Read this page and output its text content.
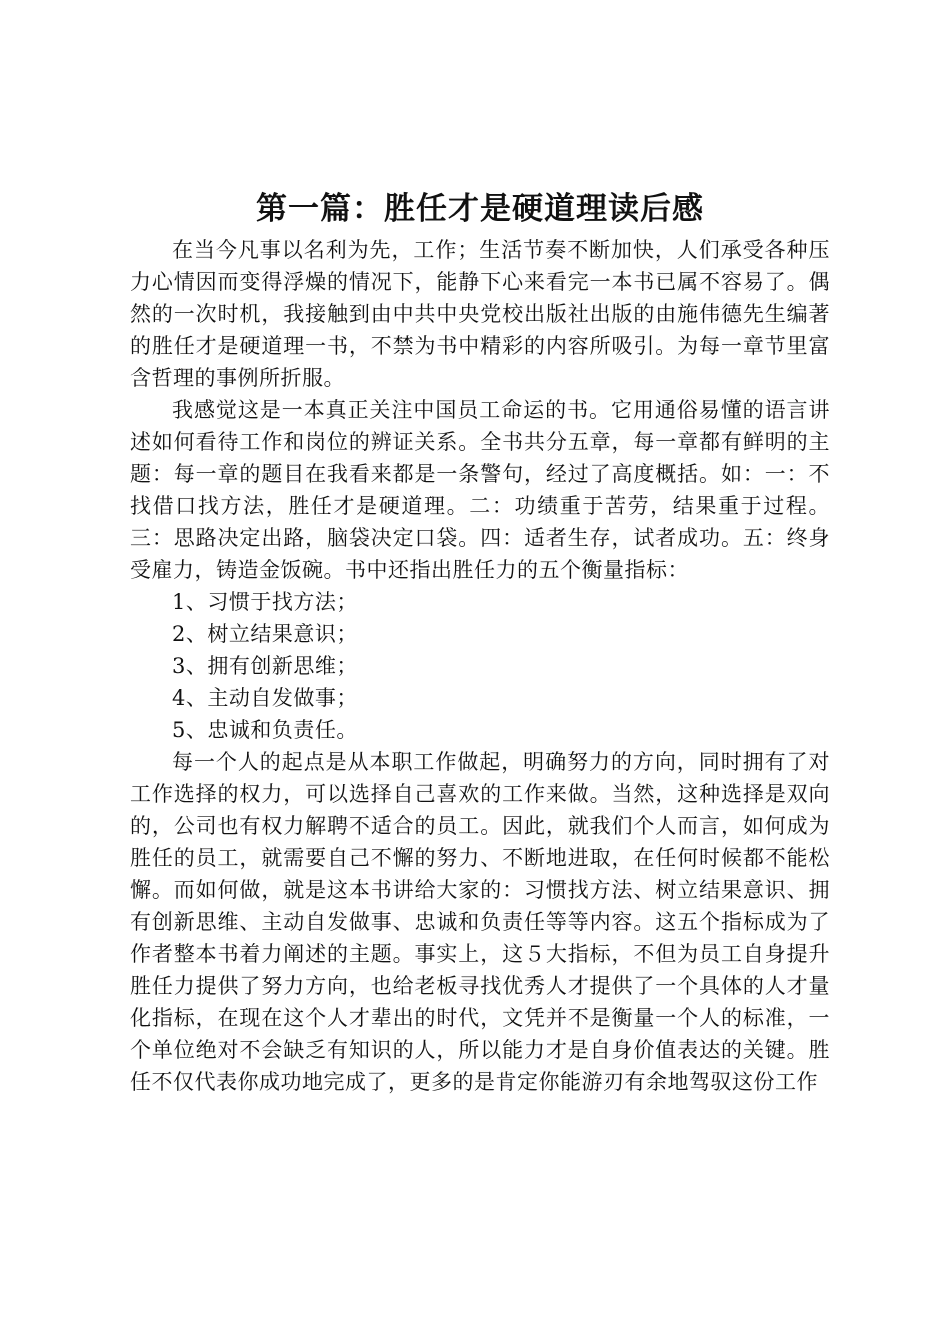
第一篇：胜任才是硬道理读后感

在当今凡事以名利为先，工作；生活节奏不断加快，人们承受各种压力心情因而变得浮燥的情况下，能静下心来看完一本书已属不容易了。偶然的一次时机，我接触到由中共中央党校出版社出版的由施伟德先生编著的胜任才是硬道理一书，不禁为书中精彩的内容所吸引。为每一章节里富含哲理的事例所折服。

我感觉这是一本真正关注中国员工命运的书。它用通俗易懂的语言讲述如何看待工作和岗位的辨证关系。全书共分五章，每一章都有鲜明的主题：每一章的题目在我看来都是一条警句，经过了高度概括。如：一：不找借口找方法，胜任才是硬道理。二：功绩重于苦劳，结果重于过程。三：思路决定出路，脑袋决定口袋。四：适者生存，试者成功。五：终身受雇力，铸造金饭碗。书中还指出胜任力的五个衡量指标：

1、习惯于找方法；

2、树立结果意识；

3、拥有创新思维；

4、主动自发做事；

5、忠诚和负责任。

每一个人的起点是从本职工作做起，明确努力的方向，同时拥有了对工作选择的权力，可以选择自己喜欢的工作来做。当然，这种选择是双向的，公司也有权力解聘不适合的员工。因此，就我们个人而言，如何成为胜任的员工，就需要自己不懈的努力、不断地进取，在任何时候都不能松懈。而如何做，就是这本书讲给大家的：习惯找方法、树立结果意识、拥有创新思维、主动自发做事、忠诚和负责任等等内容。这五个指标成为了作者整本书着力阐述的主题。事实上，这５大指标，不但为员工自身提升胜任力提供了努力方向，也给老板寻找优秀人才提供了一个具体的人才量化指标，在现在这个人才辈出的时代，文凭并不是衡量一个人的标准，一个单位绝对不会缺乏有知识的人，所以能力才是自身价值表达的关键。胜任不仅代表你成功地完成了，更多的是肯定你能游刃有余地驾驭这份工作
